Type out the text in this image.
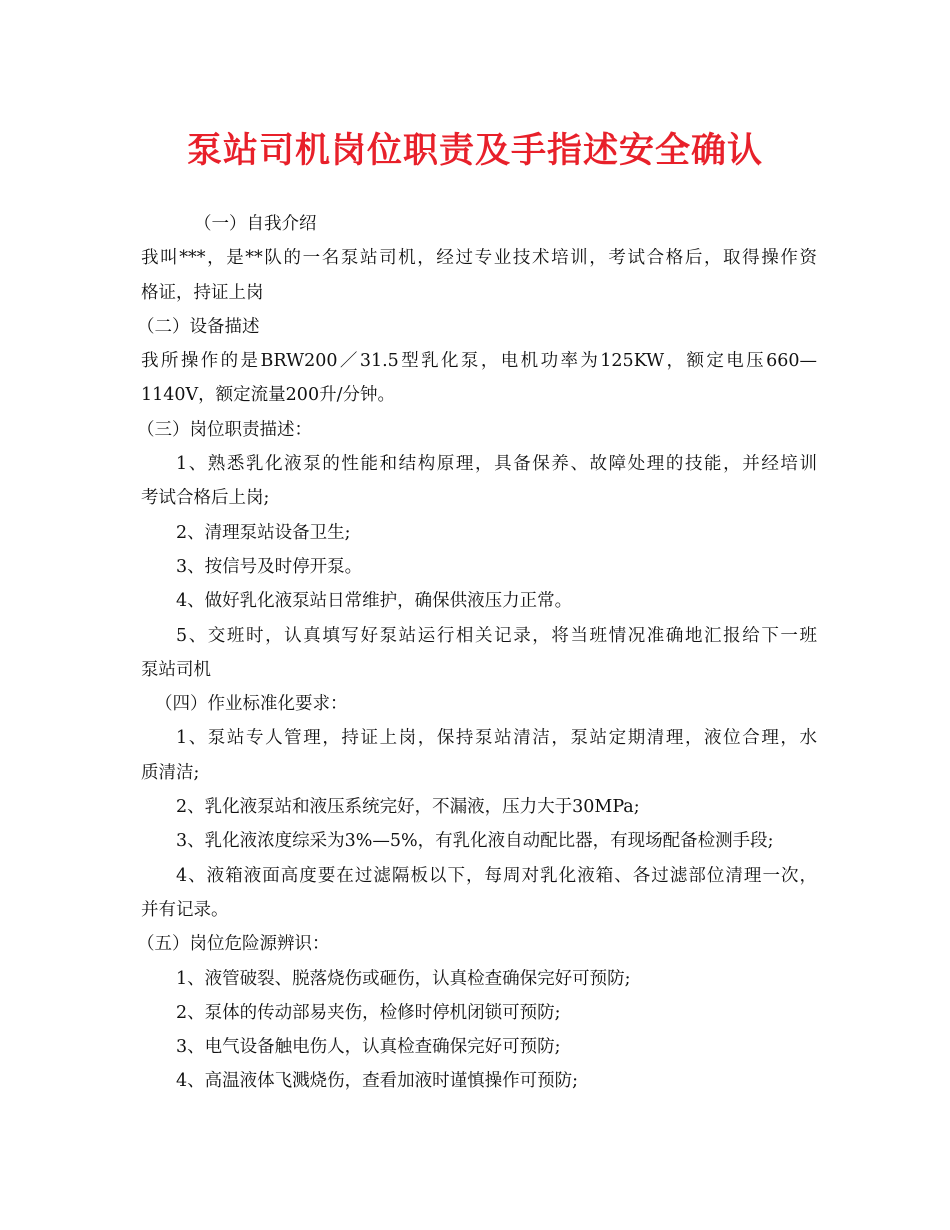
泵站司机岗位职责及手指述安全确认
（一）自我介绍
我叫***，是**队的一名泵站司机，经过专业技术培训，考试合格后，取得操作资
格证，持证上岗
（二）设备描述
我所操作的是BRW200／31.5型乳化泵，电机功率为125KW，额定电压660—
1140V，额定流量200升/分钟。
（三）岗位职责描述：
1、熟悉乳化液泵的性能和结构原理，具备保养、故障处理的技能，并经培训
考试合格后上岗;
2、清理泵站设备卫生;
3、按信号及时停开泵。
4、做好乳化液泵站日常维护，确保供液压力正常。
5、交班时，认真填写好泵站运行相关记录，将当班情况准确地汇报给下一班
泵站司机
（四）作业标准化要求：
1、泵站专人管理，持证上岗，保持泵站清洁，泵站定期清理，液位合理，水
质清洁;
2、乳化液泵站和液压系统完好，不漏液，压力大于30MPa;
3、乳化液浓度综采为3%—5%，有乳化液自动配比器，有现场配备检测手段;
4、液箱液面高度要在过滤隔板以下，每周对乳化液箱、各过滤部位清理一次，
并有记录。
（五）岗位危险源辨识：
1、液管破裂、脱落烧伤或砸伤，认真检查确保完好可预防;
2、泵体的传动部易夹伤，检修时停机闭锁可预防;
3、电气设备触电伤人，认真检查确保完好可预防;
4、高温液体飞溅烧伤，查看加液时谨慎操作可预防;
